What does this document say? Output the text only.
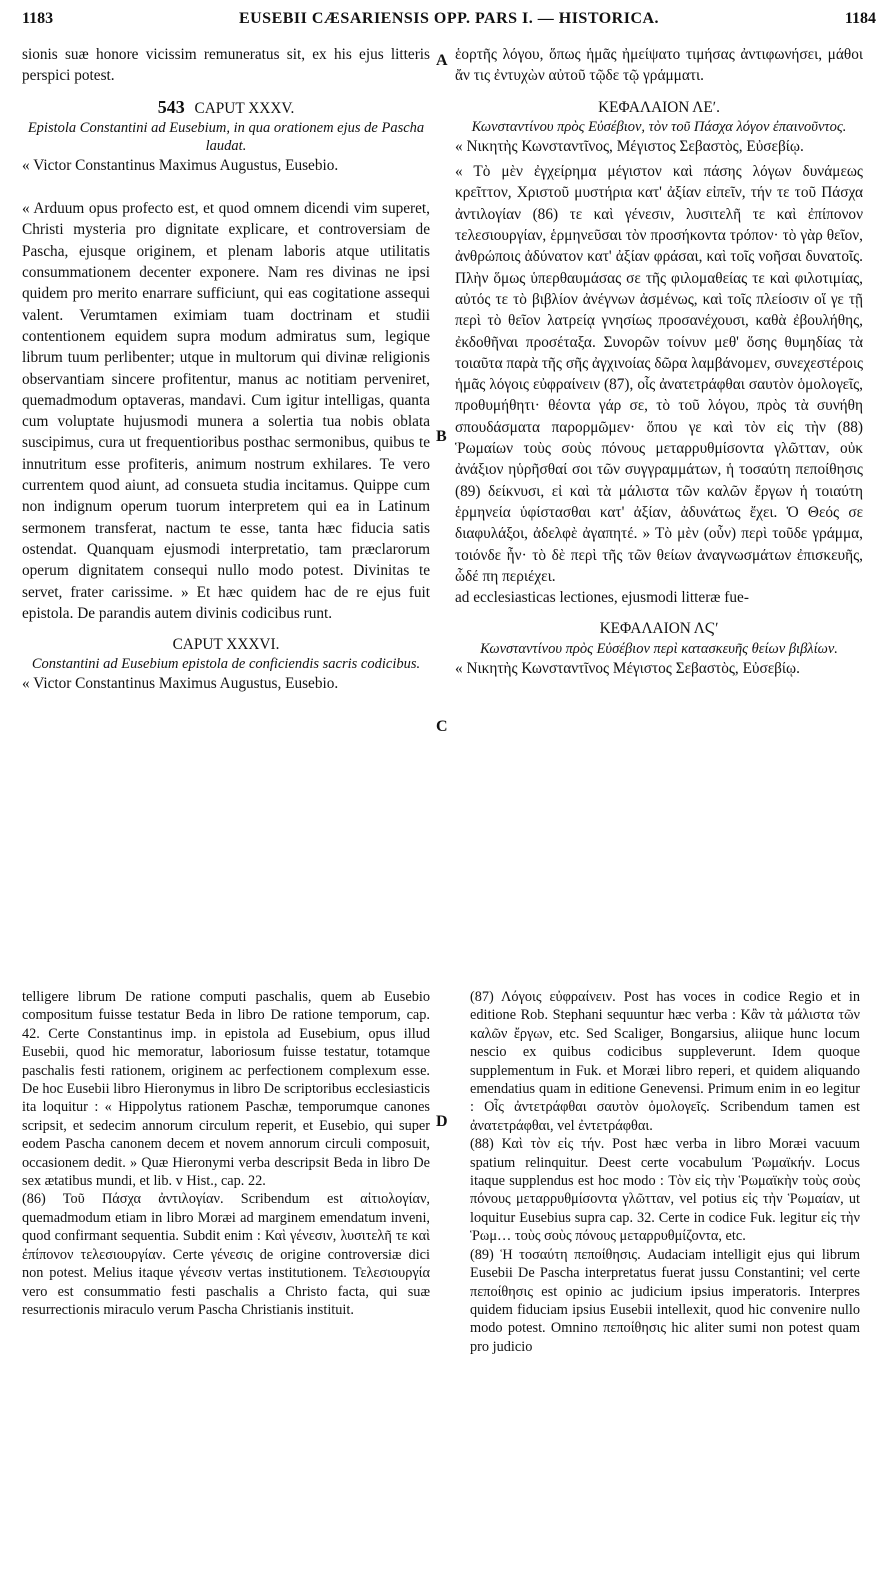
1183	EUSEBII CÆSARIENSIS OPP. PARS I. — HISTORICA.	1184
A
B
C
D

sionis suæ honore vicissim remuneratus sit, ex his ejus litteris perspici potest.

543 CAPUT XXXV.
Epistola Constantini ad Eusebium, in qua orationem ejus de Pascha laudat.

« Victor Constantinus Maximus Augustus, Eusebio.

« Arduum opus profecto est, et quod omnem dicendi vim superet, Christi mysteria pro dignitate explicare, et controversiam de Pascha, ejusque originem, et plenam laboris atque utilitatis consummationem decenter exponere. Nam res divinas ne ipsi quidem pro merito enarrare sufficiunt, qui eas cogitatione assequi valent. Verumtamen eximiam tuam doctrinam et studii contentionem equidem supra modum admiratus sum, legique librum tuum perlibenter; utque in multorum qui divinæ religionis observantiam sincere profitentur, manus ac notitiam perveniret, quemadmodum optaveras, mandavi. Cum igitur intelligas, quanta cum voluptate hujusmodi munera a solertia tua nobis oblata suscipimus, cura ut frequentioribus posthac sermonibus, quibus te innutritum esse profiteris, animum nostrum exhilares. Te vero currentem quod aiunt, ad consueta studia incitamus. Quippe cum non indignum operum tuorum interpretem qui ea in Latinum sermonem transferat, nactum te esse, tanta hæc fiducia satis ostendat. Quanquam ejusmodi interpretatio, tam præclarorum operum dignitatem consequi nullo modo potest. Divinitas te servet, frater carissime. » Et hæc quidem hac de re ejus fuit epistola. De parandis autem divinis codicibus runt.

CAPUT XXXVI.
Constantini ad Eusebium epistola de conficiendis sacris codicibus.

« Victor Constantinus Maximus Augustus, Eusebio.

ἑορτῆς λόγου, ὅπως ἡμᾶς ἠμείψατο τιμήσας ἀντιφωνήσει, μάθοι ἄν τις ἐντυχὼν αὐτοῦ τῷδε τῷ γράμματι.

ΚΕΦΑΛΑΙΟΝ ΛΕʹ.
Κωνσταντίνου πρὸς Εὐσέβιον, τὸν τοῦ Πάσχα λόγον ἐπαινοῦντος.

« Νικητὴς Κωνσταντῖνος, Μέγιστος Σεβαστὸς, Εὐσεβίῳ.

« Τὸ μὲν ἐγχείρημα μέγιστον καὶ πάσης λόγων δυνάμεως κρεῖττον, Χριστοῦ μυστήρια κατ' ἀξίαν εἰπεῖν, τήν τε τοῦ Πάσχα ἀντιλογίαν (86) τε καὶ γένεσιν, λυσιτελῆ τε καὶ ἐπίπονον τελεσιουργίαν, ἑρμηνεῦσαι τὸν προσήκοντα τρόπον· τὸ γὰρ θεῖον, ἀνθρώποις ἀδύνατον κατ' ἀξίαν φράσαι, καὶ τοῖς νοῆσαι δυνατοῖς. Πλὴν ὅμως ὑπερθαυμάσας σε τῆς φιλομαθείας τε καὶ φιλοτιμίας, αὐτός τε τὸ βιβλίον ἀνέγνων ἀσμένως, καὶ τοῖς πλείοσιν οἵ γε τῇ περὶ τὸ θεῖον λατρείᾳ γνησίως προσανέχουσι, καθὰ ἐβουλήθης, ἐκδοθῆναι προσέταξα. Συνορῶν τοίνυν μεθ' ὅσης θυμηδίας τὰ τοιαῦτα παρὰ τῆς σῆς ἀγχινοίας δῶρα λαμβάνομεν, συνεχεστέροις ἡμᾶς λόγοις εὐφραίνειν (87), οἷς ἀνατετράφθαι σαυτὸν ὁμολογεῖς, προθυμήθητι· θέοντα γάρ σε, τὸ τοῦ λόγου, πρὸς τὰ συνήθη σπουδάσματα παρορμῶμεν· ὅπου γε καὶ τὸν εἰς τὴν (88) Ῥωμαίων τοὺς σοὺς πόνους μεταρρυθμίσοντα γλῶτταν, οὐκ ἀνάξιον ηὑρῆσθαί σοι τῶν συγγραμμάτων, ἡ τοσαύτη πεποίθησις (89) δείκνυσι, εἰ καὶ τὰ μάλιστα τῶν καλῶν ἔργων ἡ τοιαύτη ἑρμηνεία ὑφίστασθαι κατ' ἀξίαν, ἀδυνάτως ἔχει. Ὁ Θεός σε διαφυλάξοι, ἀδελφὲ ἀγαπητέ. » Τὸ μὲν (οὖν) περὶ τοῦδε γράμμα, τοιόνδε ἦν· τὸ δὲ περὶ τῆς τῶν θείων ἀναγνωσμάτων ἐπισκευῆς, ὧδέ πη περιέχει.

ad ecclesiasticas lectiones, ejusmodi litteræ fue-

ΚΕΦΑΛΑΙΟΝ ΛϚʹ
Κωνσταντίνου πρὸς Εὐσέβιον περὶ κατασκευῆς θείων βιβλίων.

« Νικητὴς Κωνσταντῖνος Μέγιστος Σεβαστὸς, Εὐσεβίῳ.

telligere librum De ratione computi paschalis, quem ab Eusebio compositum fuisse testatur Beda in libro De ratione temporum, cap. 42. Certe Constantinus imp. in epistola ad Eusebium, opus illud Eusebii, quod hic memoratur, laboriosum fuisse testatur, totamque paschalis festi rationem, originem ac perfectionem complexum esse. De hoc Eusebii libro Hieronymus in libro De scriptoribus ecclesiasticis ita loquitur : « Hippolytus rationem Paschæ, temporumque canones scripsit, et sedecim annorum circulum reperit, et Eusebio, qui super eodem Pascha canonem decem et novem annorum circuli composuit, occasionem dedit. » Quæ Hieronymi verba descripsit Beda in libro De sex ætatibus mundi, et lib. v Hist., cap. 22.

(86) Τοῦ Πάσχα ἀντιλογίαν. Scribendum est αἰτιολογίαν, quemadmodum etiam in libro Moræi ad marginem emendatum inveni, quod confirmant sequentia. Subdit enim : Καὶ γένεσιν, λυσιτελῆ τε καὶ ἐπίπονον τελεσιουργίαν. Certe γένεσις de origine controversiæ dici non potest. Melius itaque γένεσιν vertas institutionem. Τελεσιουργία vero est consummatio festi paschalis a Christo facta, qui suæ resurrectionis miraculo verum Pascha Christianis instituit.

(87) Λόγοις εὐφραίνειν. Post has voces in codice Regio et in editione Rob. Stephani sequuntur hæc verba : Κἂν τὰ μάλιστα τῶν καλῶν ἔργων, etc. Sed Scaliger, Bongarsius, aliique hunc locum nescio ex quibus codicibus suppleverunt. Idem quoque supplementum in Fuk. et Moræi libro reperi, et quidem aliquando emendatius quam in editione Genevensi. Primum enim in eo legitur : Οἷς ἀντετράφθαι σαυτὸν ὁμολογεῖς. Scribendum tamen est ἀνατετράφθαι, vel ἐντετράφθαι.

(88) Καὶ τὸν εἰς τήν. Post hæc verba in libro Moræi vacuum spatium relinquitur. Deest certe vocabulum Ῥωμαϊκήν. Locus itaque supplendus est hoc modo : Τὸν εἰς τὴν Ῥωμαϊκὴν τοὺς σοὺς πόνους μεταρρυθμίσοντα γλῶτταν, vel potius εἰς τὴν Ῥωμαίαν, ut loquitur Eusebius supra cap. 32. Certe in codice Fuk. legitur εἰς τὴν Ῥωμ… τοὺς σοὺς πόνους μεταρρυθμίζοντα, etc.

(89) Ἡ τοσαύτη πεποίθησις. Audaciam intelligit ejus qui librum Eusebii De Pascha interpretatus fuerat jussu Constantini; vel certe πεποίθησις est opinio ac judicium ipsius imperatoris. Interpres quidem fiduciam ipsius Eusebii intellexit, quod hic convenire nullo modo potest. Omnino πεποίθησις hic aliter sumi non potest quam pro judicio
